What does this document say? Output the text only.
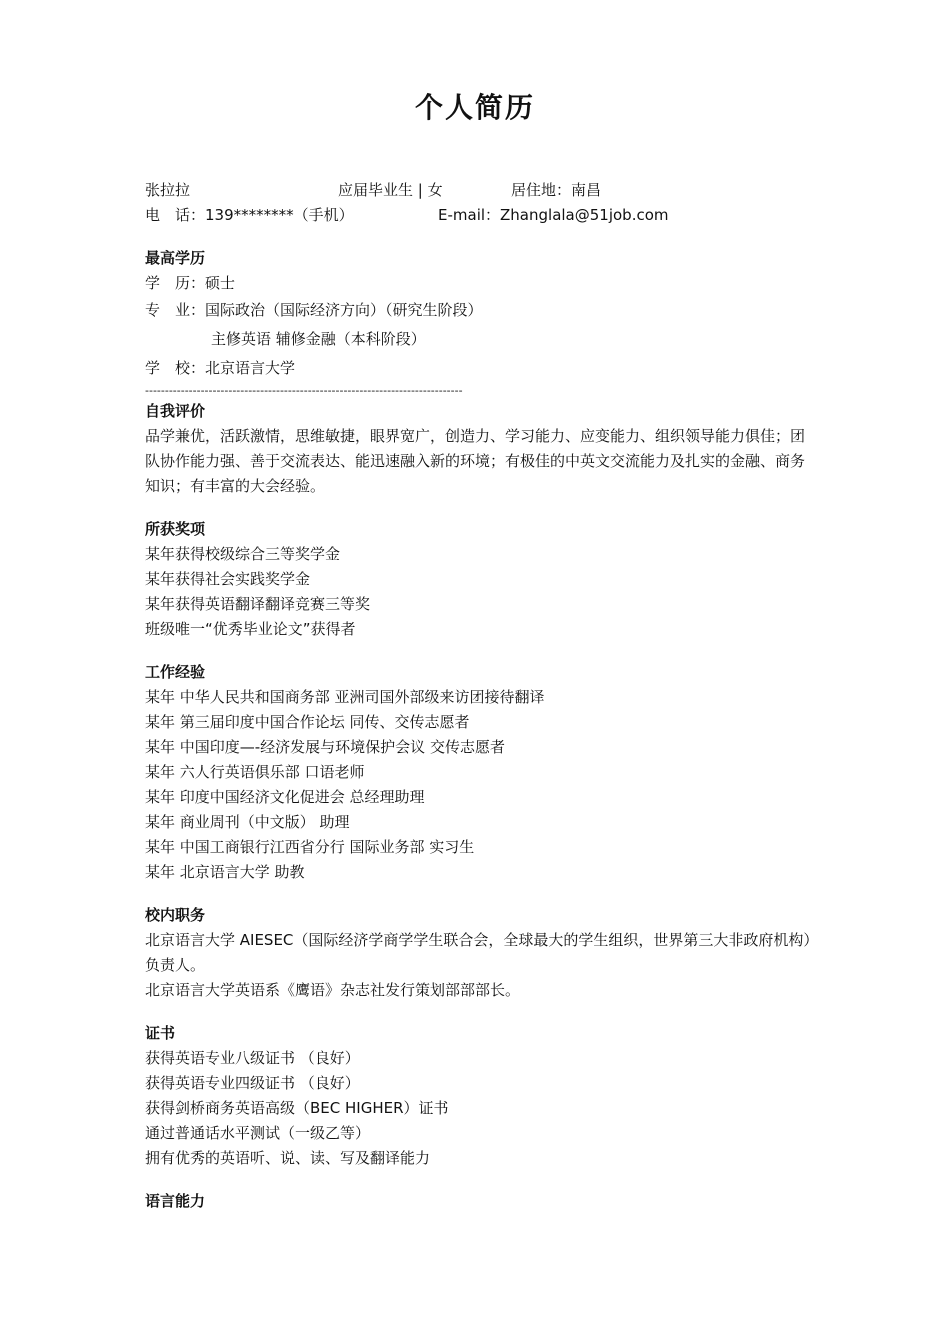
个人简历
张拉拉	应届毕业生 | 女	居住地：南昌
电　话：139********（手机）	E-mail：Zhanglala@51job.com
最高学历
学　历：硕士
专　业：国际政治（国际经济方向）（研究生阶段）
主修英语 辅修金融（本科阶段）
学　校：北京语言大学
--------------------------------------------------------------------------------
自我评价
品学兼优，活跃激情，思维敏捷，眼界宽广，创造力、学习能力、应变能力、组织领导能力俱佳；团队协作能力强、善于交流表达、能迅速融入新的环境；有极佳的中英文交流能力及扎实的金融、商务知识；有丰富的大会经验。
所获奖项
某年获得校级综合三等奖学金
某年获得社会实践奖学金
某年获得英语翻译翻译竞赛三等奖
班级唯一“优秀毕业论文”获得者
工作经验
某年 中华人民共和国商务部 亚洲司国外部级来访团接待翻译
某年 第三届印度中国合作论坛 同传、交传志愿者
某年 中国印度—-经济发展与环境保护会议 交传志愿者
某年 六人行英语俱乐部 口语老师
某年 印度中国经济文化促进会 总经理助理
某年 商业周刊（中文版） 助理
某年 中国工商银行江西省分行 国际业务部 实习生
某年 北京语言大学 助教
校内职务
北京语言大学 AIESEC（国际经济学商学学生联合会，全球最大的学生组织，世界第三大非政府机构）负责人。
北京语言大学英语系《鹰语》杂志社发行策划部部部长。
证书
获得英语专业八级证书 （良好）
获得英语专业四级证书 （良好）
获得剑桥商务英语高级（BEC HIGHER）证书
通过普通话水平测试（一级乙等）
拥有优秀的英语听、说、读、写及翻译能力
语言能力
